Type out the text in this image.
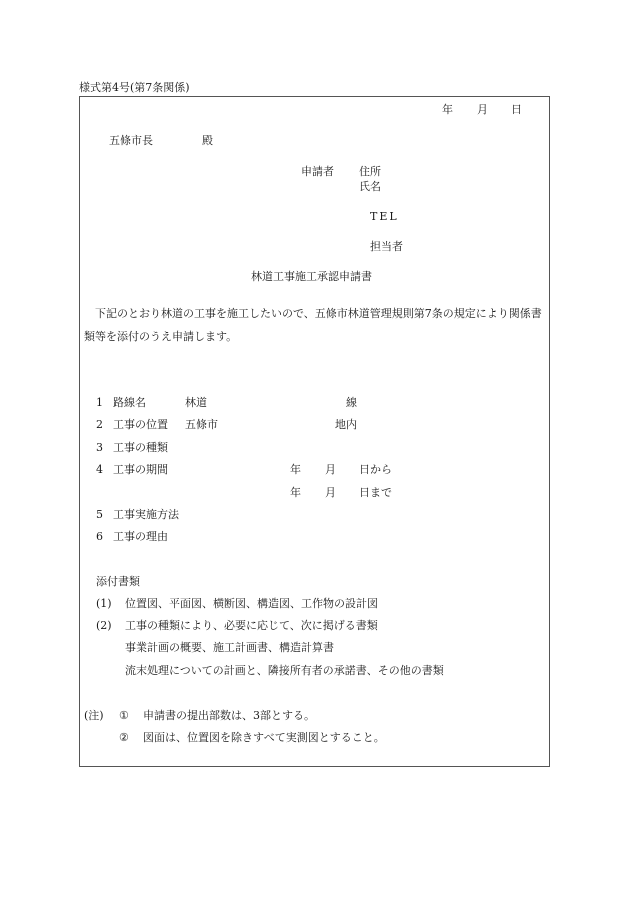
様式第4号(第7条関係)
年 月 日
五條市長	殿
申請者 住所
氏名
TEL
担当者
林道工事施工承認申請書
　下記のとおり林道の工事を施工したいので、五條市林道管理規則第7条の規定により関係書類等を添付のうえ申請します。
1 路線名	林道	線
2 工事の位置 五條市	地内
3 工事の種類
4 工事の期間	年 月 日から
年 月 日まで
5 工事実施方法
6 工事の理由
添付書類
(1) 位置図、平面図、横断図、構造図、工作物の設計図
(2) 工事の種類により、必要に応じて、次に掲げる書類
事業計画の概要、施工計画書、構造計算書
流末処理についての計画と、隣接所有者の承諾書、その他の書類
(注) ① 申請書の提出部数は、3部とする。
② 図面は、位置図を除きすべて実測図とすること。
